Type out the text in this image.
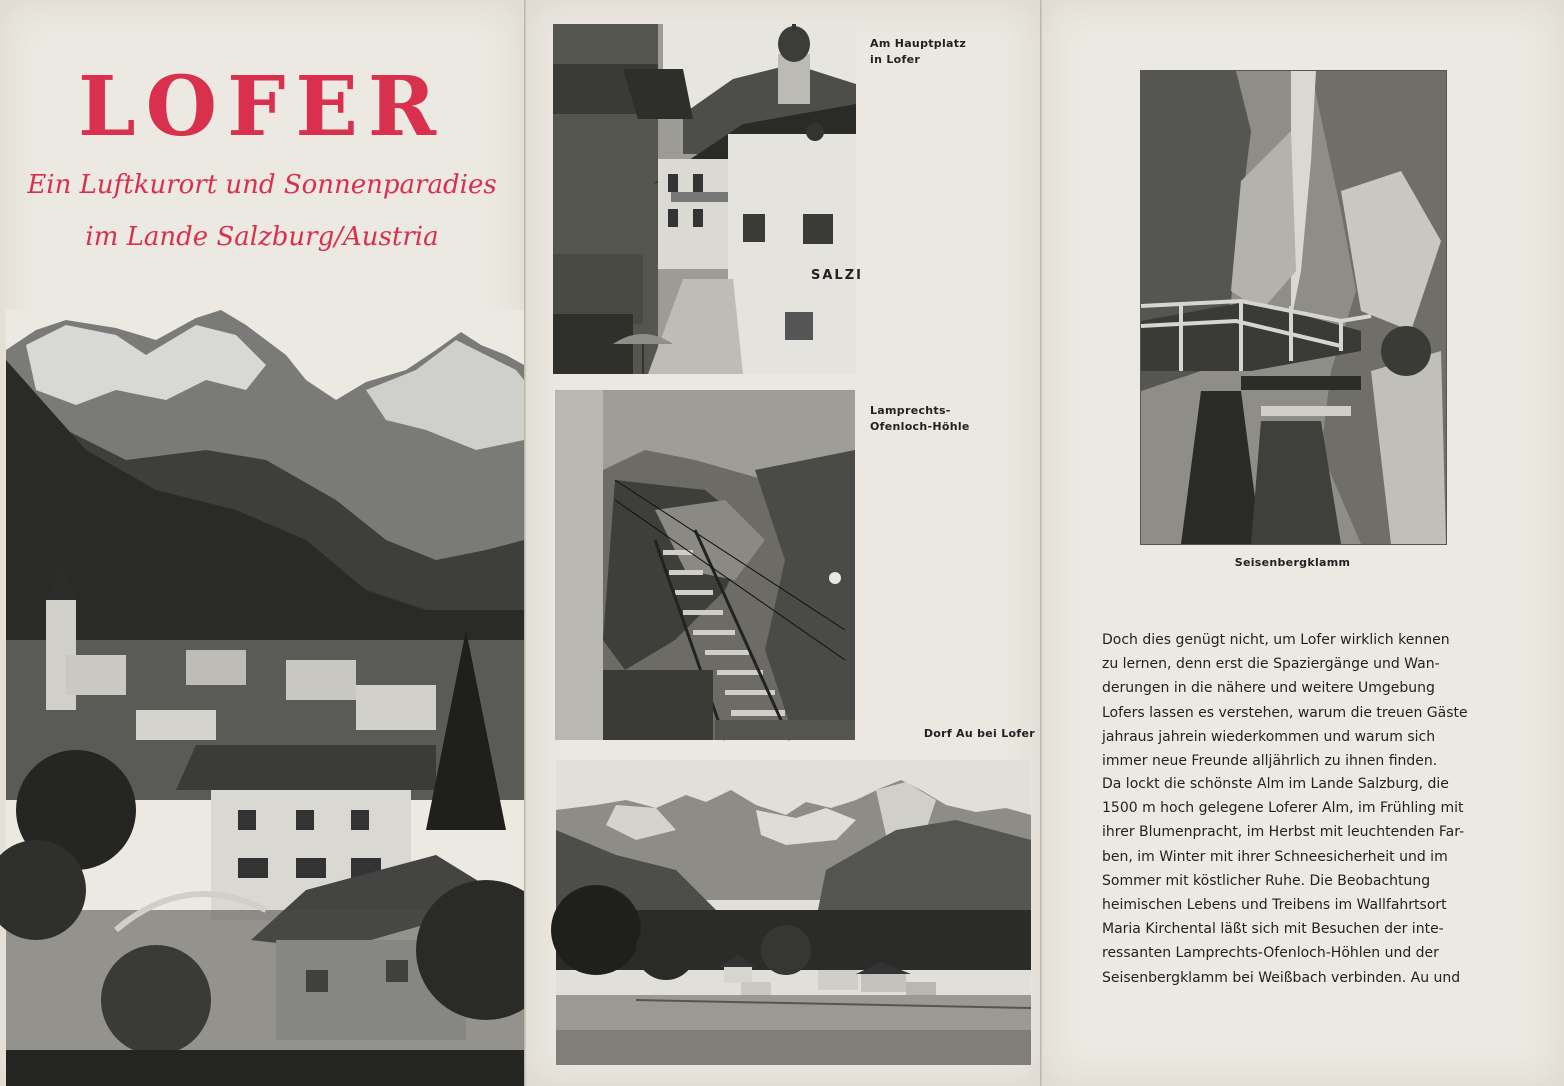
LOFER
Ein Luftkurort und Sonnenparadies
im Lande Salzburg/Austria
SALZI
Am Hauptplatz
in Lofer
Lamprechts-
Ofenloch-Höhle
Dorf Au bei Lofer
Seisenbergklamm
Doch dies genügt nicht, um Lofer wirklich kennen
zu lernen, denn erst die Spaziergänge und Wan-
derungen in die nähere und weitere Umgebung
Lofers lassen es verstehen, warum die treuen Gäste
jahraus jahrein wiederkommen und warum sich
immer neue Freunde alljährlich zu ihnen finden.
Da lockt die schönste Alm im Lande Salzburg, die
1500 m hoch gelegene Loferer Alm, im Frühling mit
ihrer Blumenpracht, im Herbst mit leuchtenden Far-
ben, im Winter mit ihrer Schneesicherheit und im
Sommer mit köstlicher Ruhe. Die Beobachtung
heimischen Lebens und Treibens im Wallfahrtsort
Maria Kirchental läßt sich mit Besuchen der inte-
ressanten Lamprechts-Ofenloch-Höhlen und der
Seisenbergklamm bei Weißbach verbinden. Au und
